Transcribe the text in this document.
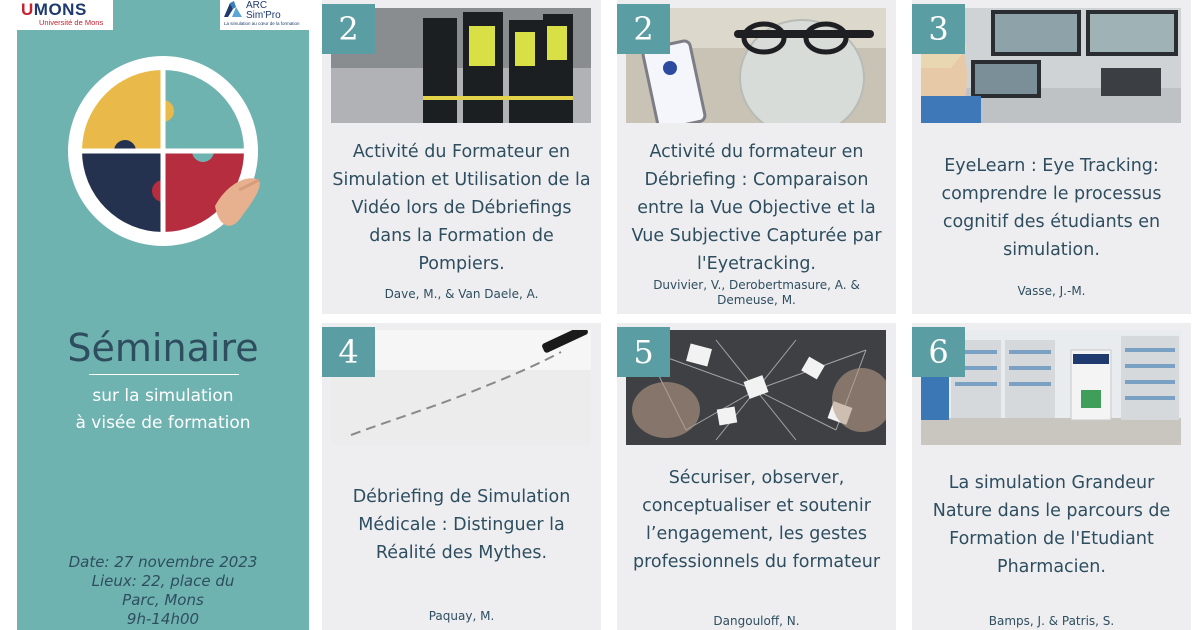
UMONS
Université de Mons
ARC
Sim'Pro
La simulation au cœur de la formation
Séminaire
sur la simulation
à visée de formation
Date: 27 novembre 2023
Lieux: 22, place du
Parc, Mons
9h-14h00
2
Activité du Formateur en
Simulation et Utilisation de la
Vidéo lors de Débriefings
dans la Formation de
Pompiers.
Dave, M., & Van Daele, A.
2
Activité du formateur en
Débriefing : Comparaison
entre la Vue Objective et la
Vue Subjective Capturée par
l'Eyetracking.
Duvivier, V., Derobertmasure, A. &
Demeuse, M.
3
EyeLearn : Eye Tracking:
comprendre le processus
cognitif des étudiants en
simulation.
Vasse, J.-M.
4
Débriefing de Simulation
Médicale : Distinguer la
Réalité des Mythes.
Paquay, M.
5
Sécuriser, observer,
conceptualiser et soutenir
l’engagement, les gestes
professionnels du formateur
Dangouloff, N.
6
La simulation Grandeur
Nature dans le parcours de
Formation de l'Etudiant
Pharmacien.
Bamps, J. & Patris, S.
